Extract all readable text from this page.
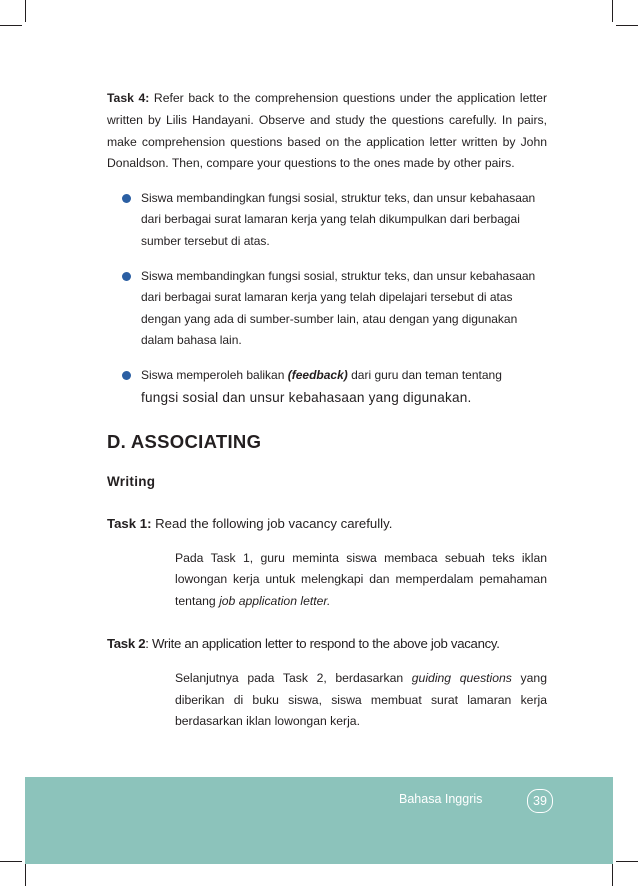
Task 4: Refer back to the comprehension questions under the application letter written by Lilis Handayani. Observe and study the questions carefully. In pairs, make comprehension questions based on the application letter written by John Donaldson. Then, compare your questions to the ones made by other pairs.

Siswa membandingkan fungsi sosial, struktur teks, dan unsur kebahasaan dari berbagai surat lamaran kerja yang telah dikumpulkan dari berbagai sumber tersebut di atas.
Siswa membandingkan fungsi sosial, struktur teks, dan unsur kebahasaan dari berbagai surat lamaran kerja yang telah dipelajari tersebut di atas dengan yang ada di sumber-sumber lain, atau dengan yang digunakan dalam bahasa lain.
Siswa memperoleh balikan (feedback) dari guru dan teman tentang
fungsi sosial dan unsur kebahasaan yang digunakan.
D. ASSOCIATING
Writing

Task 1: Read the following job vacancy carefully.

Pada Task 1, guru meminta siswa membaca sebuah teks iklan lowongan kerja untuk melengkapi dan memperdalam pemahaman tentang job application letter.

Task 2: Write an application letter to respond to the above job vacancy.

Selanjutnya pada Task 2, berdasarkan guiding questions yang diberikan di buku siswa, siswa membuat surat lamaran kerja berdasarkan iklan lowongan kerja.

Bahasa Inggris	39
